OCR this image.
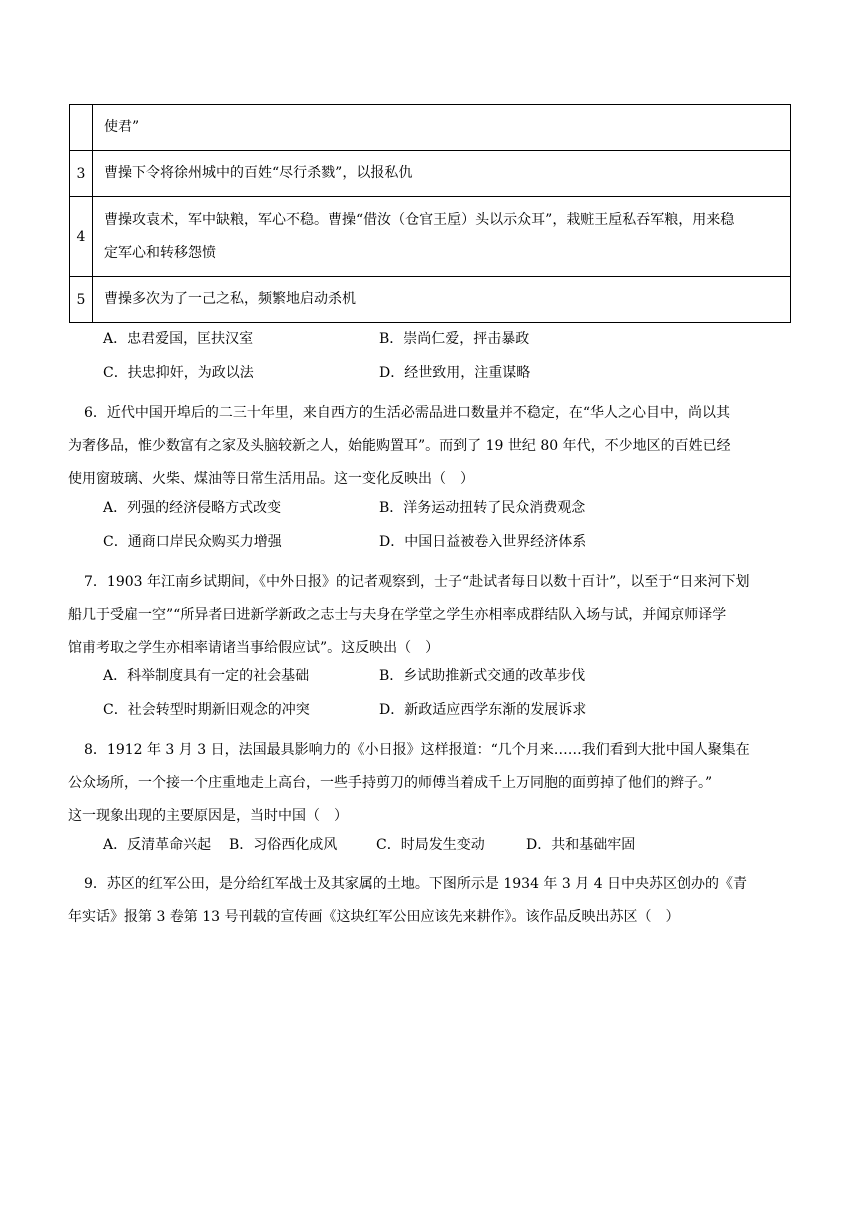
	使君”
3	曹操下令将徐州城中的百姓“尽行杀戮”，以报私仇
4	曹操攻袁术，军中缺粮，军心不稳。曹操“借汝（仓官王垕）头以示众耳”，栽赃王垕私吞军粮，用来稳
定军心和转移怨愤

5	曹操多次为了一己之私，频繁地启动杀机
A．忠君爱国，匡扶汉室	B．崇尚仁爱，抨击暴政
C．扶忠抑奸，为政以法	D．经世致用，注重谋略
6．近代中国开埠后的二三十年里，来自西方的生活必需品进口数量并不稳定，在“华人之心目中，尚以其
为奢侈品，惟少数富有之家及头脑较新之人，始能购置耳”。而到了 19 世纪 80 年代，不少地区的百姓已经
使用窗玻璃、火柴、煤油等日常生活用品。这一变化反映出（　）
A．列强的经济侵略方式改变	B．洋务运动扭转了民众消费观念
C．通商口岸民众购买力增强	D．中国日益被卷入世界经济体系
7．1903 年江南乡试期间，《中外日报》的记者观察到，士子“赴试者每日以数十百计”，以至于“日来河下划
船几于受雇一空”“所异者曰进新学新政之志士与夫身在学堂之学生亦相率成群结队入场与试，并闻京师译学
馆甫考取之学生亦相率请诸当事给假应试”。这反映出（　）
A．科举制度具有一定的社会基础	B．乡试助推新式交通的改革步伐
C．社会转型时期新旧观念的冲突	D．新政适应西学东渐的发展诉求
8．1912 年 3 月 3 日，法国最具影响力的《小日报》这样报道：“几个月来……我们看到大批中国人聚集在
公众场所，一个接一个庄重地走上高台，一些手持剪刀的师傅当着成千上万同胞的面剪掉了他们的辫子。”
这一现象出现的主要原因是，当时中国（　）
A．反清革命兴起 B．习俗西化成风	C．时局发生变动	D．共和基础牢固
9．苏区的红军公田，是分给红军战士及其家属的土地。下图所示是 1934 年 3 月 4 日中央苏区创办的《青
年实话》报第 3 卷第 13 号刊载的宣传画《这块红军公田应该先来耕作》。该作品反映出苏区（　）
